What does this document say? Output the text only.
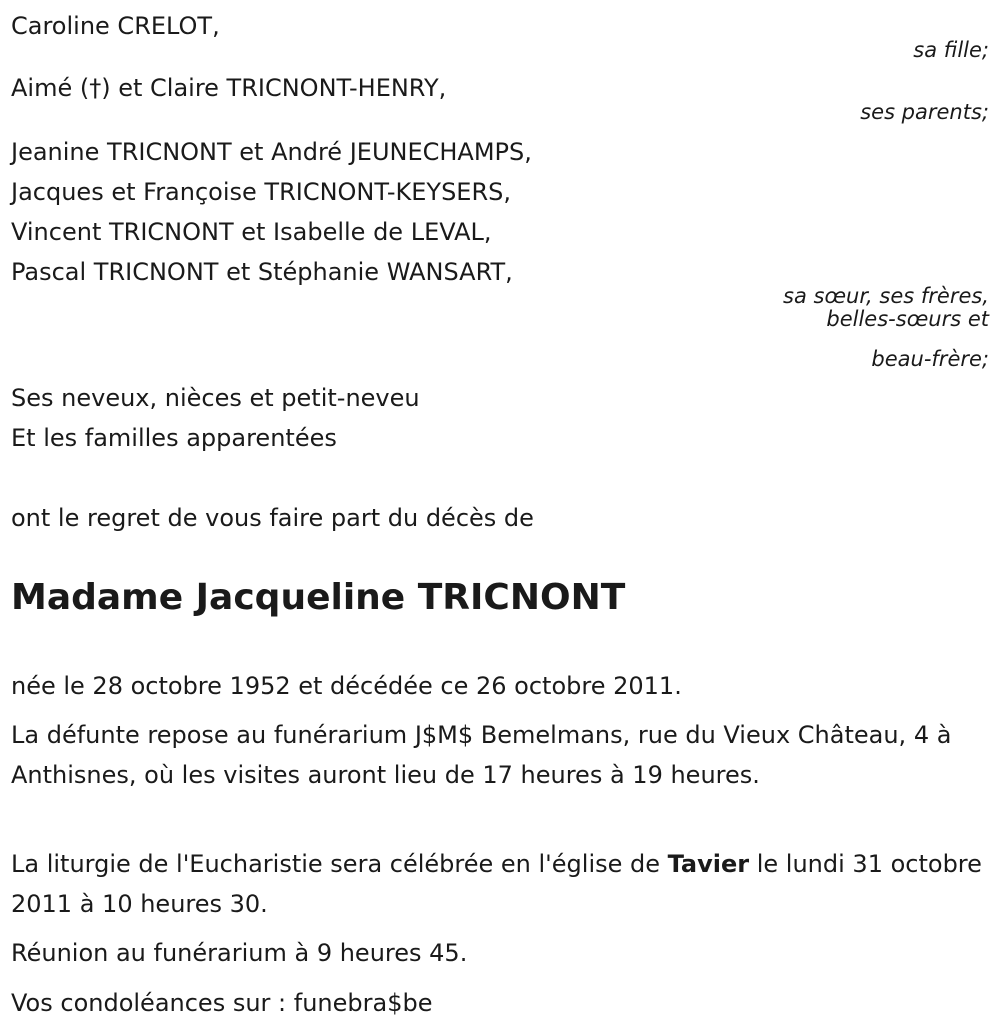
Caroline CRELOT,
sa fille;
Aimé (†) et Claire TRICNONT-HENRY,
ses parents;
Jeanine TRICNONT et André JEUNECHAMPS,
Jacques et Françoise TRICNONT-KEYSERS,
Vincent TRICNONT et Isabelle de LEVAL,
Pascal TRICNONT et Stéphanie WANSART,
sa sœur, ses frères,
belles-sœurs et
beau-frère;
Ses neveux, nièces et petit-neveu
Et les familles apparentées
ont le regret de vous faire part du décès de
Madame Jacqueline TRICNONT
née le 28 octobre 1952 et décédée ce 26 octobre 2011.
La défunte repose au funérarium J$M$ Bemelmans, rue du Vieux Château, 4 à Anthisnes, où les visites auront lieu de 17 heures à 19 heures.
La liturgie de l'Eucharistie sera célébrée en l'église de Tavier le lundi 31 octobre 2011 à 10 heures 30.
Réunion au funérarium à 9 heures 45.
Vos condoléances sur : funebra$be
